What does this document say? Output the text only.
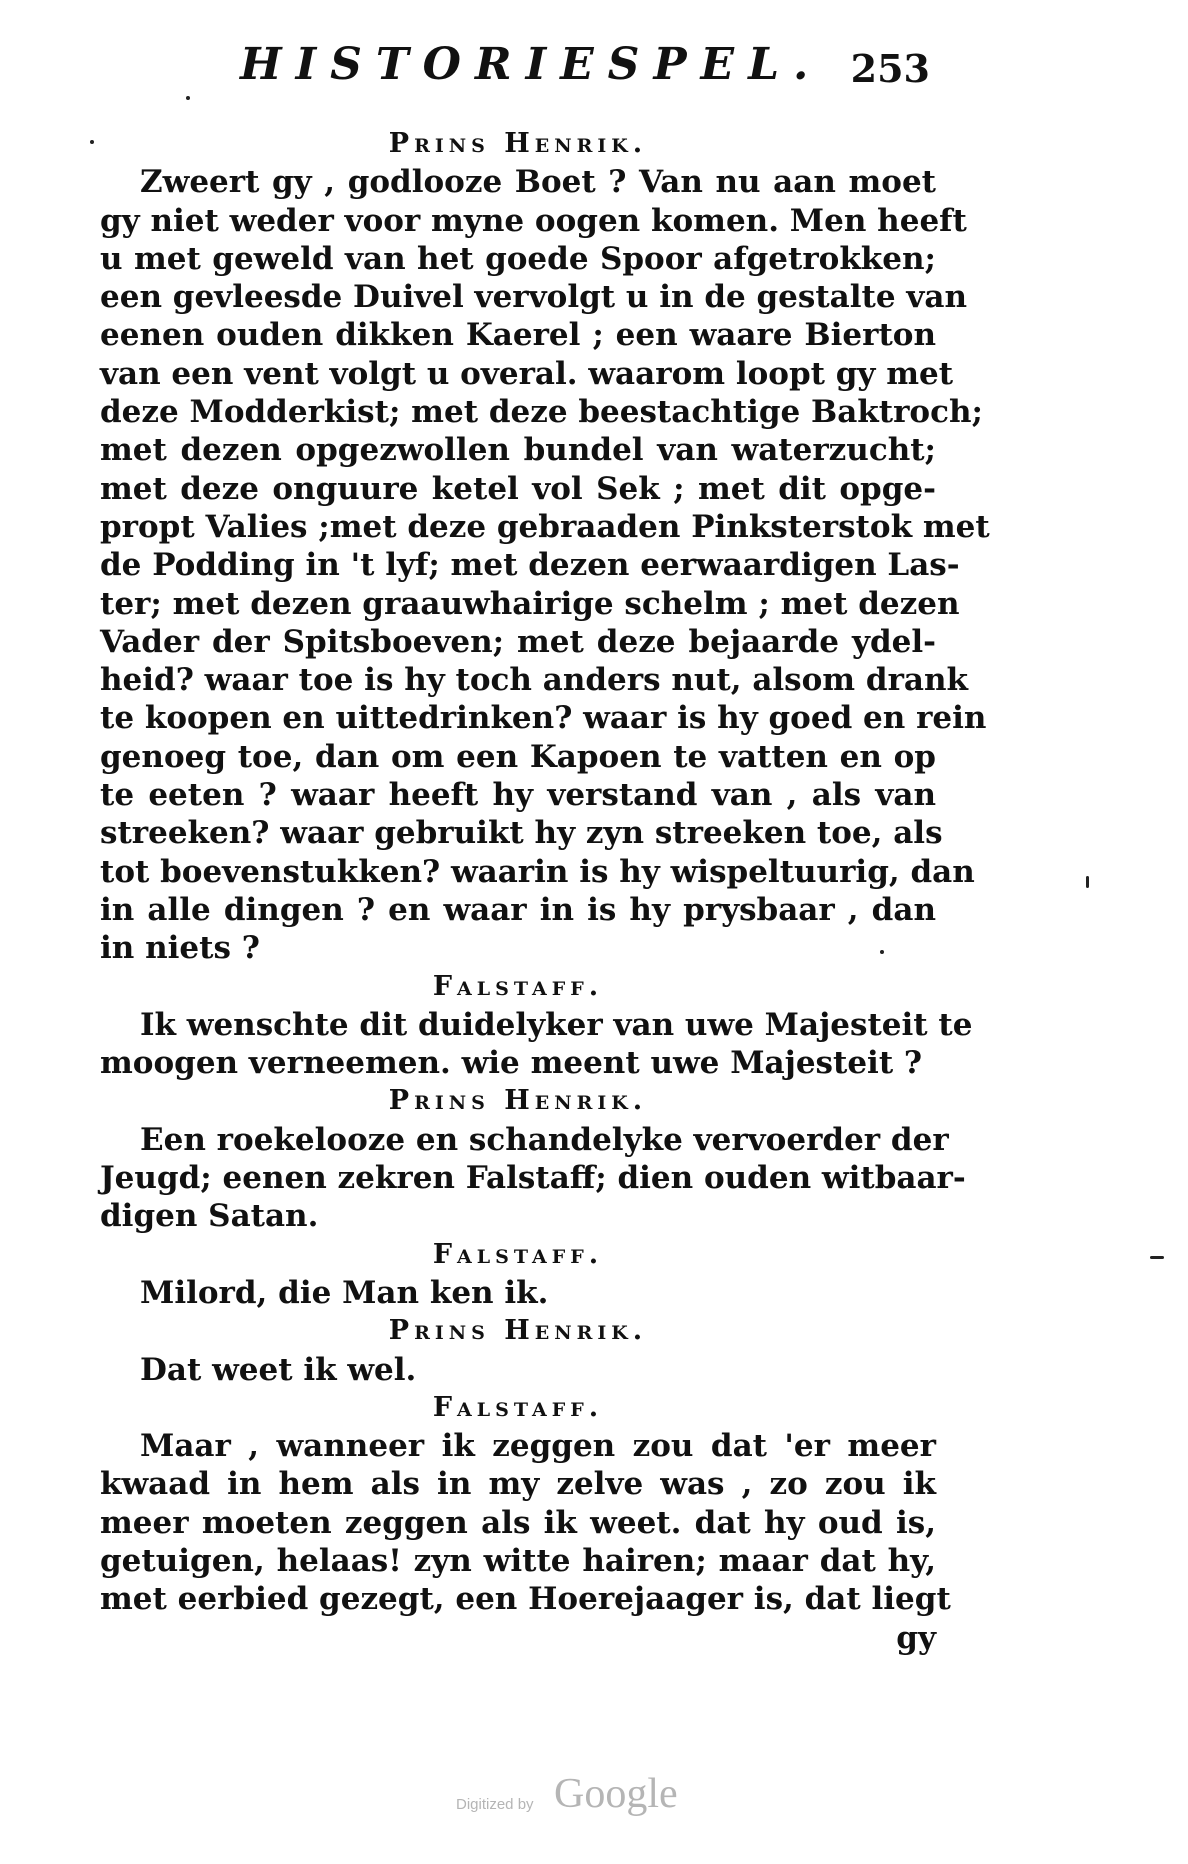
HISTORIESPEL. 253

Prins Henrik.

Zweert gy , godlooze Boet ? Van nu aan moet

gy niet weder voor myne oogen komen. Men heeft

u met geweld van het goede Spoor afgetrokken;

een gevleesde Duivel vervolgt u in de gestalte van

eenen ouden dikken Kaerel ; een waare Bierton

van een vent volgt u overal. waarom loopt gy met

deze Modderkist; met deze beestachtige Baktroch;

met dezen opgezwollen bundel van waterzucht;

met deze onguure ketel vol Sek ; met dit opge-

propt Valies ;met deze gebraaden Pinksterstok met

de Podding in 't lyf; met dezen eerwaardigen Las-

ter; met dezen graauwhairige schelm ; met dezen

Vader der Spitsboeven; met deze bejaarde ydel-

heid? waar toe is hy toch anders nut, alsom drank

te koopen en uittedrinken? waar is hy goed en rein

genoeg toe, dan om een Kapoen te vatten en op

te eeten ? waar heeft hy verstand van , als van

streeken? waar gebruikt hy zyn streeken toe, als

tot boevenstukken? waarin is hy wispeltuurig, dan

in alle dingen ? en waar in is hy prysbaar , dan

in niets ?

Falstaff.

Ik wenschte dit duidelyker van uwe Majesteit te

moogen verneemen. wie meent uwe Majesteit ?

Prins Henrik.

Een roekelooze en schandelyke vervoerder der

Jeugd; eenen zekren Falstaff; dien ouden witbaar-

digen Satan.

Falstaff.

Milord, die Man ken ik.

Prins Henrik.

Dat weet ik wel.

Falstaff.

Maar , wanneer ik zeggen zou dat 'er meer

kwaad in hem als in my zelve was , zo zou ik

meer moeten zeggen als ik weet. dat hy oud is,

getuigen, helaas! zyn witte hairen; maar dat hy,

met eerbied gezegt, een Hoerejaager is, dat liegt

gy

Digitized by Google
